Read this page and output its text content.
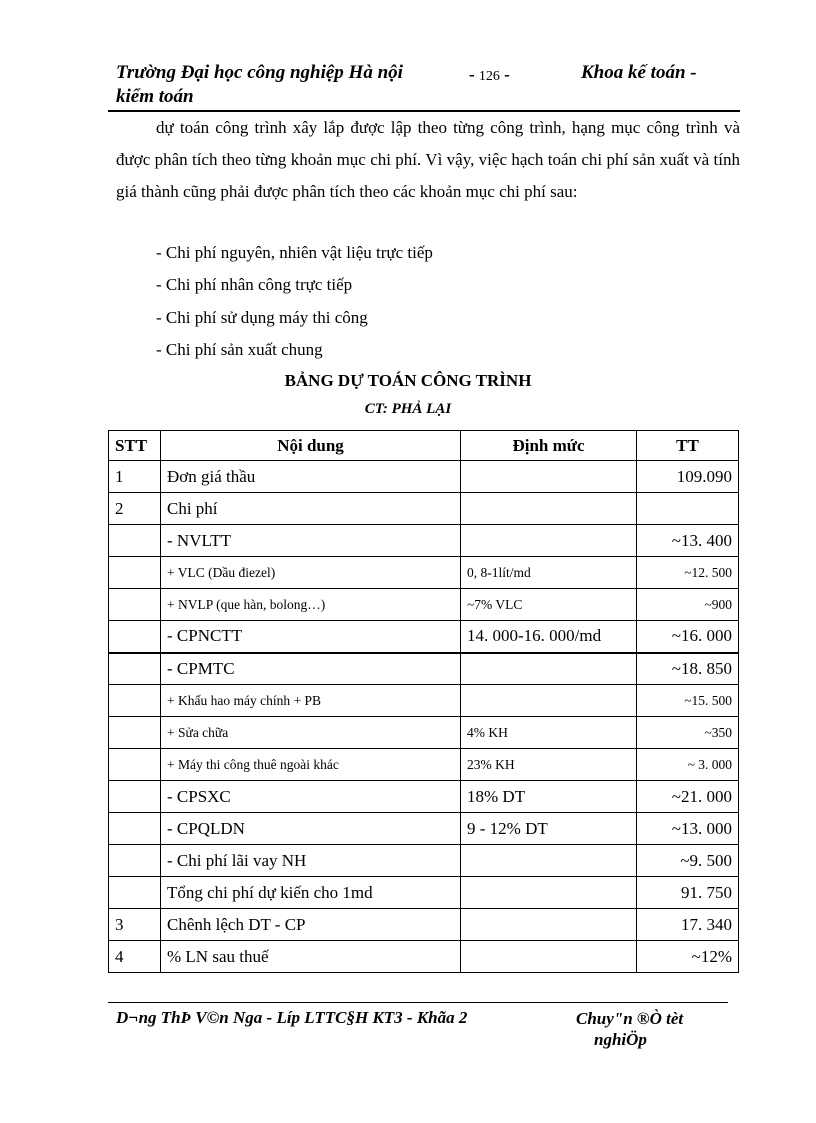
Trường Đại học công nghiệp Hà nội	- 126 -	Khoa kế toán -
kiểm toán

dự toán công trình xây lắp được lập theo từng công trình, hạng mục công trình và được phân tích theo từng khoản mục chi phí. Vì vậy, việc hạch toán chi phí sản xuất và tính giá thành cũng phải được phân tích theo các khoản mục chi phí sau:

- Chi phí nguyên, nhiên vật liệu trực tiếp
- Chi phí nhân công trực tiếp
- Chi phí sử dụng máy thi công
- Chi phí sản xuất chung
BẢNG DỰ TOÁN CÔNG TRÌNH
CT: PHẢ LẠI
STT	Nội dung	Định mức	TT
1	Đơn giá thầu		109.090
2	Chi phí		
	- NVLTT		~13. 400
	+ VLC (Dầu điezel)	0, 8-1lít/md	~12. 500
	+ NVLP (que hàn, bolong…)	~7% VLC	~900
	- CPNCTT	14. 000-16. 000/md	~16. 000
	- CPMTC		~18. 850
	+ Khấu hao máy chính + PB		~15. 500
	+ Sửa chữa	4% KH	~350
	+ Máy thi công thuê ngoài khác	23% KH	~ 3. 000
	- CPSXC	18% DT	~21. 000
	- CPQLDN	9 - 12% DT	~13. 000
	- Chi phí lãi vay NH		~9. 500
	Tổng chi phí dự kiến cho 1md		91. 750
3	Chênh lệch DT - CP		17. 340
4	% LN sau thuế		~12%
D¬ng ThÞ V©n Nga - Líp LTTC§H KT3 - Khãa 2	Chuy"n ®Ò tèt
nghiÖp
